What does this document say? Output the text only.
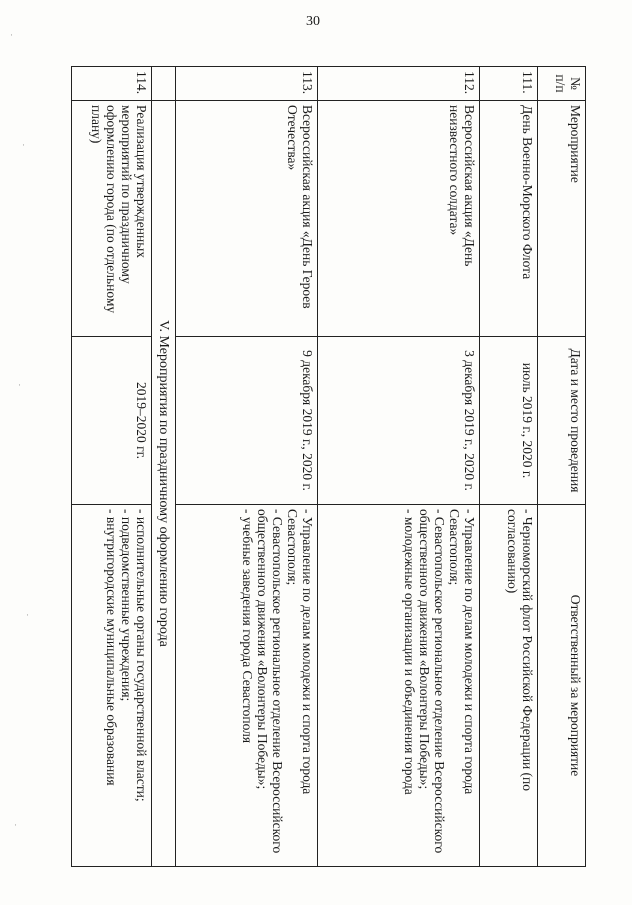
·
·
·
·
·
30
№ п/п	Мероприятие	Дата и место проведения	Ответственный за мероприятие
111.	День Военно-Морского Флота	июль 2019 г., 2020 г.	- Черноморский флот Российской Федерации (по согласованию)

112.	Всероссийская акция «День неизвестного солдата»	3 декабря 2019 г., 2020 г.	- Управление по делам молодежи и спорта города Севастополя;
- Севастопольское региональное отделение Всероссийского общественного движения «Волонтеры Победы»;
- молодежные организации и объединения города

113.	Всероссийская акция «День Героев Отечества»	9 декабря 2019 г., 2020 г.	- Управление по делам молодежи и спорта города Севастополя;
- Севастопольское региональное отделение Всероссийского общественного движения «Волонтеры Победы»;
- учебные заведения города Севастополя

	V. Мероприятия по праздничному оформлению города		
114.	Реализация утвержденных мероприятий по праздничному оформлению города (по отдельному плану)	2019–2020 гг.	- исполнительные органы государственной власти;
- подведомственные учреждения;
- внутригородские муниципальные образования
